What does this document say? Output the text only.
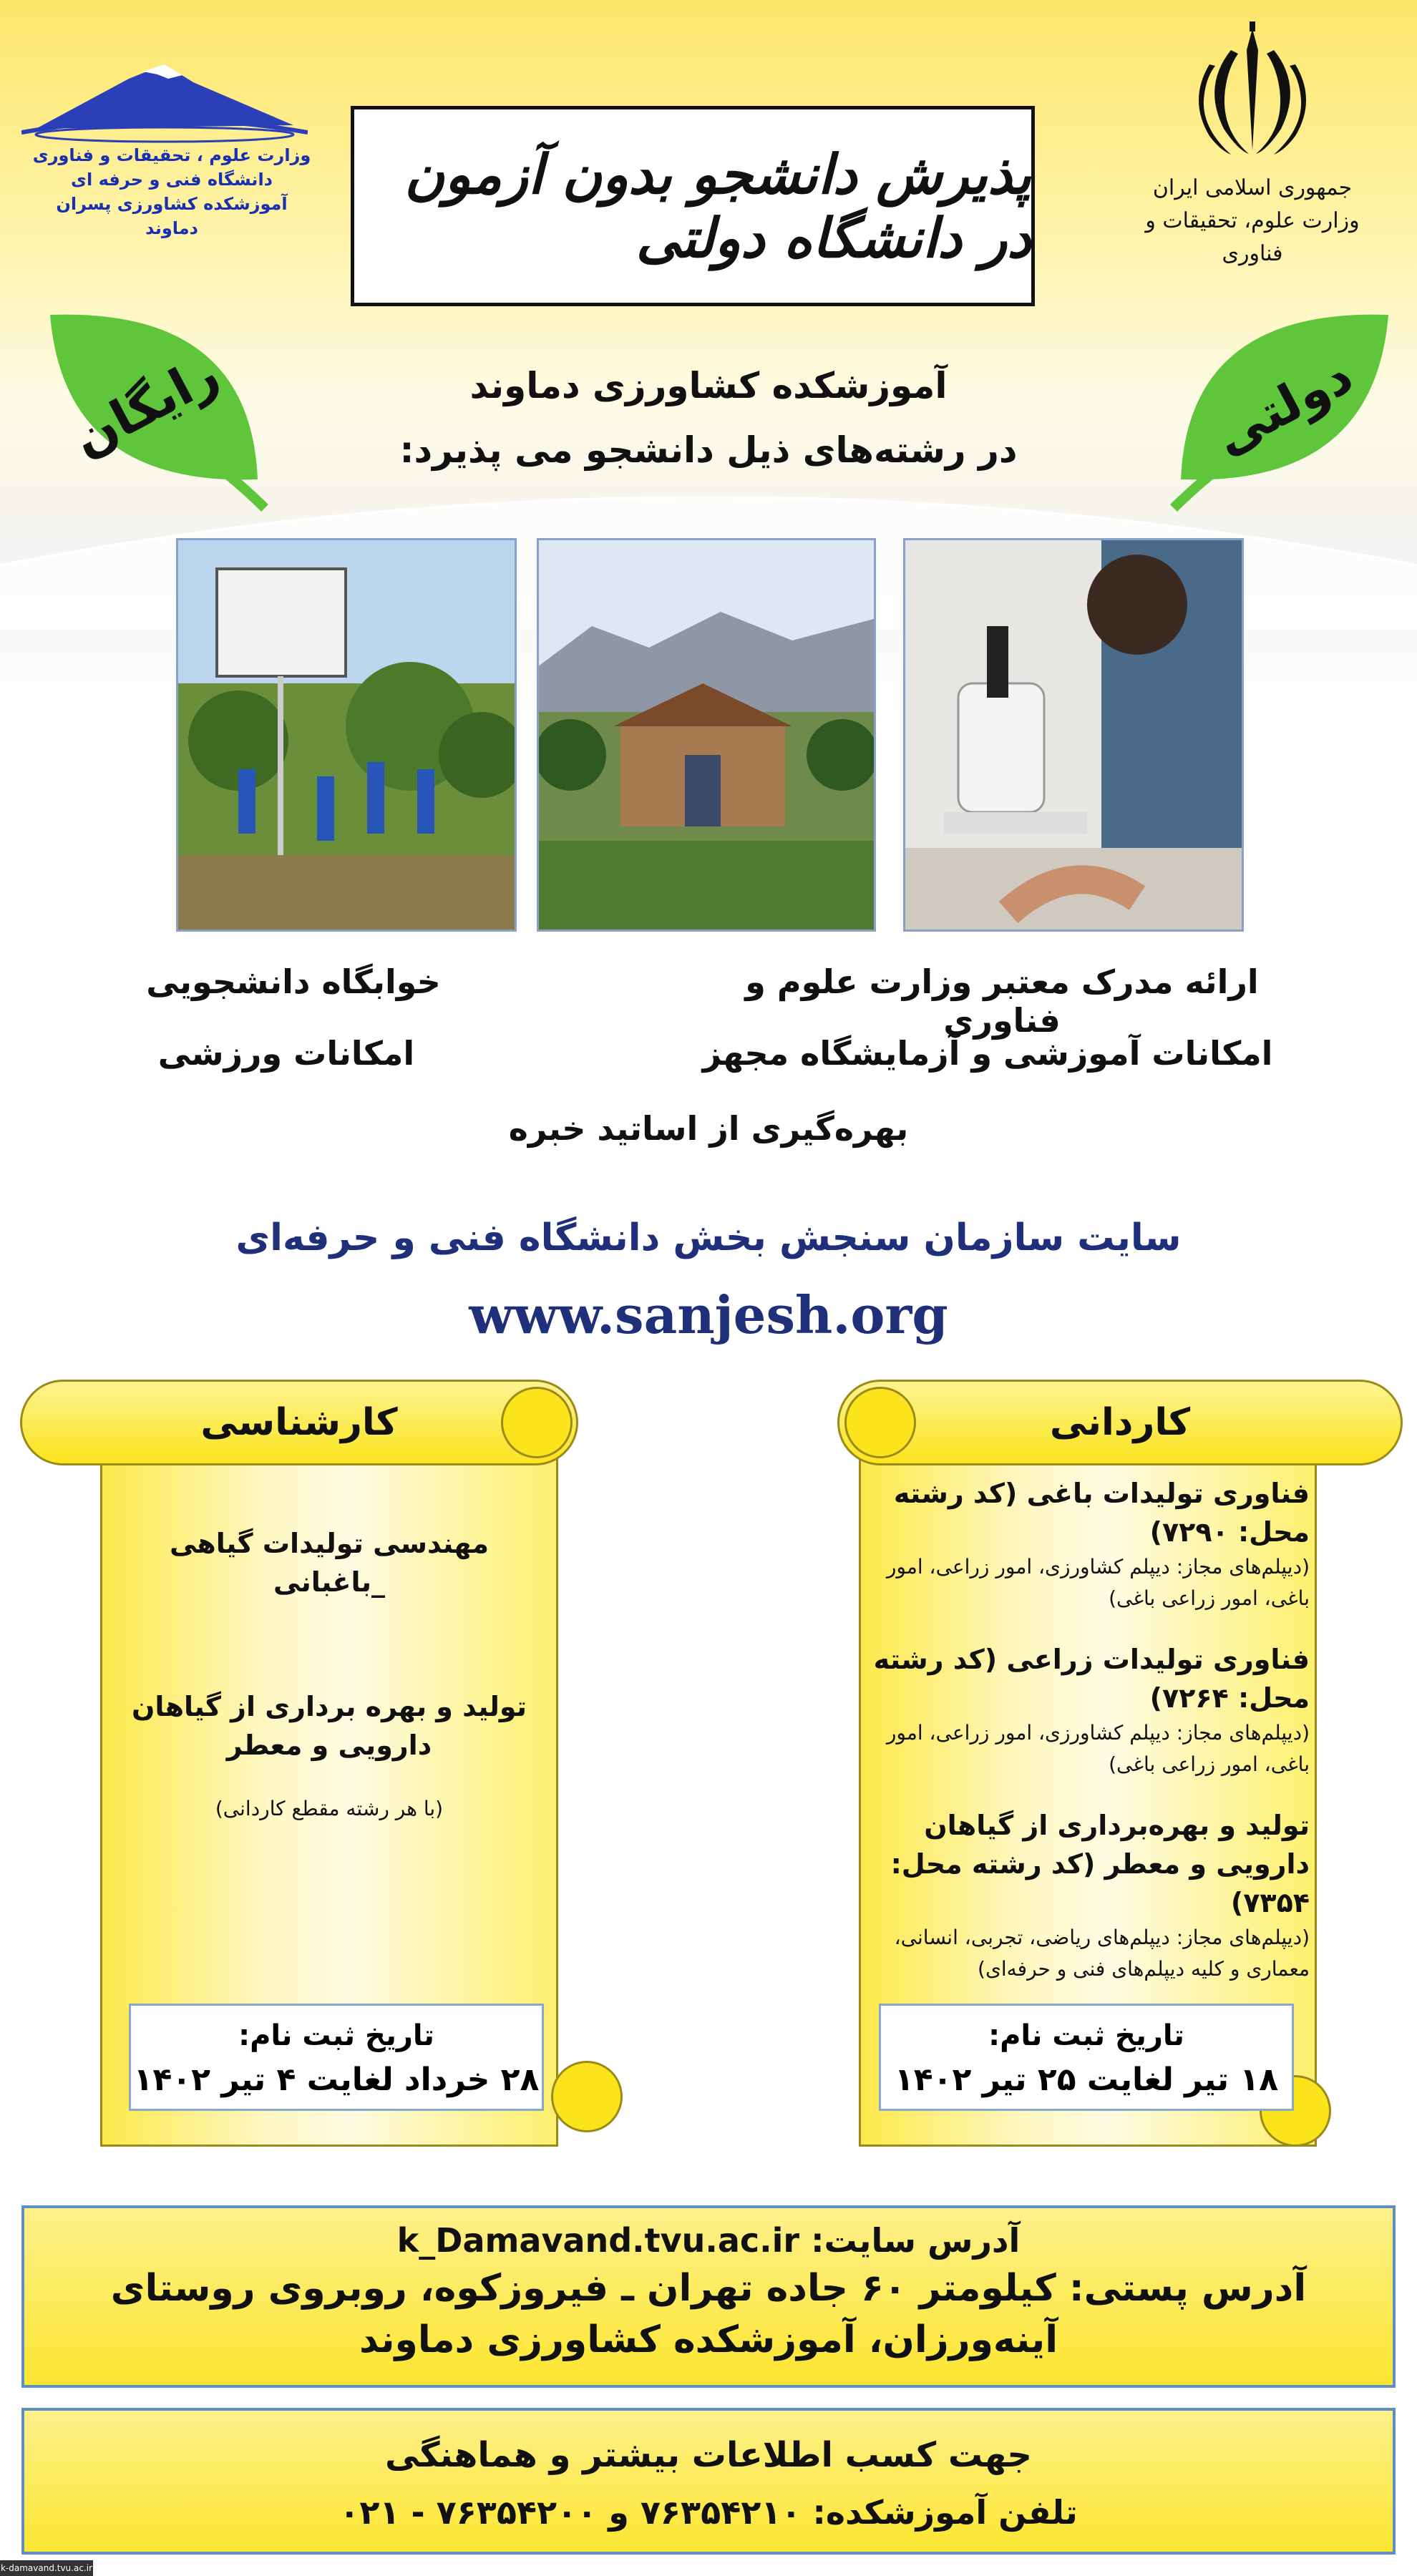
جمهوری اسلامی ایران
وزارت علوم، تحقیقات و فناوری
وزارت علوم ، تحقیقات و فناوری
دانشگاه فنی و حرفه ای
آموزشکده کشاورزی پسران دماوند
پذیرش دانشجو بدون آزمون در دانشگاه دولتی
رایگان	دولتی
آموزشکده کشاورزی دماوند
در رشته‌های ذیل دانشجو می پذیرد:
ارائه مدرک معتبر وزارت علوم و فناوری
خوابگاه دانشجویی
امکانات آموزشی و آزمایشگاه مجهز
امکانات ورزشی
بهره‌گیری از اساتید خبره
سایت سازمان سنجش بخش دانشگاه فنی و حرفه‌ای
www.sanjesh.org
کاردانی
فناوری تولیدات باغی (کد رشته محل: ۷۲۹۰)
(دیپلم‌های مجاز: دیپلم کشاورزی، امور زراعی، امور باغی، امور زراعی باغی)
فناوری تولیدات زراعی (کد رشته محل: ۷۲۶۴)
(دیپلم‌های مجاز: دیپلم کشاورزی، امور زراعی، امور باغی، امور زراعی باغی)
تولید و بهره‌برداری از گیاهان دارویی و معطر (کد رشته محل: ۷۳۵۴)
(دیپلم‌های مجاز: دیپلم‌های ریاضی، تجربی، انسانی، معماری و کلیه دیپلم‌های فنی و حرفه‌ای)
تاریخ ثبت نام:
۱۸ تیر لغایت ۲۵ تیر ۱۴۰۲
کارشناسی
مهندسی تولیدات گیاهی _باغبانی
تولید و بهره برداری از گیاهان دارویی و معطر
(با هر رشته مقطع کاردانی)
تاریخ ثبت نام:
۲۸ خرداد لغایت ۴ تیر ۱۴۰۲
آدرس سایت: k_Damavand.tvu.ac.ir
آدرس پستی: کیلومتر ۶۰ جاده تهران ـ فیروزکوه، روبروی روستای آینه‌ورزان، آموزشکده کشاورزی دماوند
جهت کسب اطلاعات بیشتر و هماهنگی
تلفن آموزشکده: ۷۶۳۵۴۲۱۰ و ۷۶۳۵۴۲۰۰ - ۰۲۱
k-damavand.tvu.ac.ir
